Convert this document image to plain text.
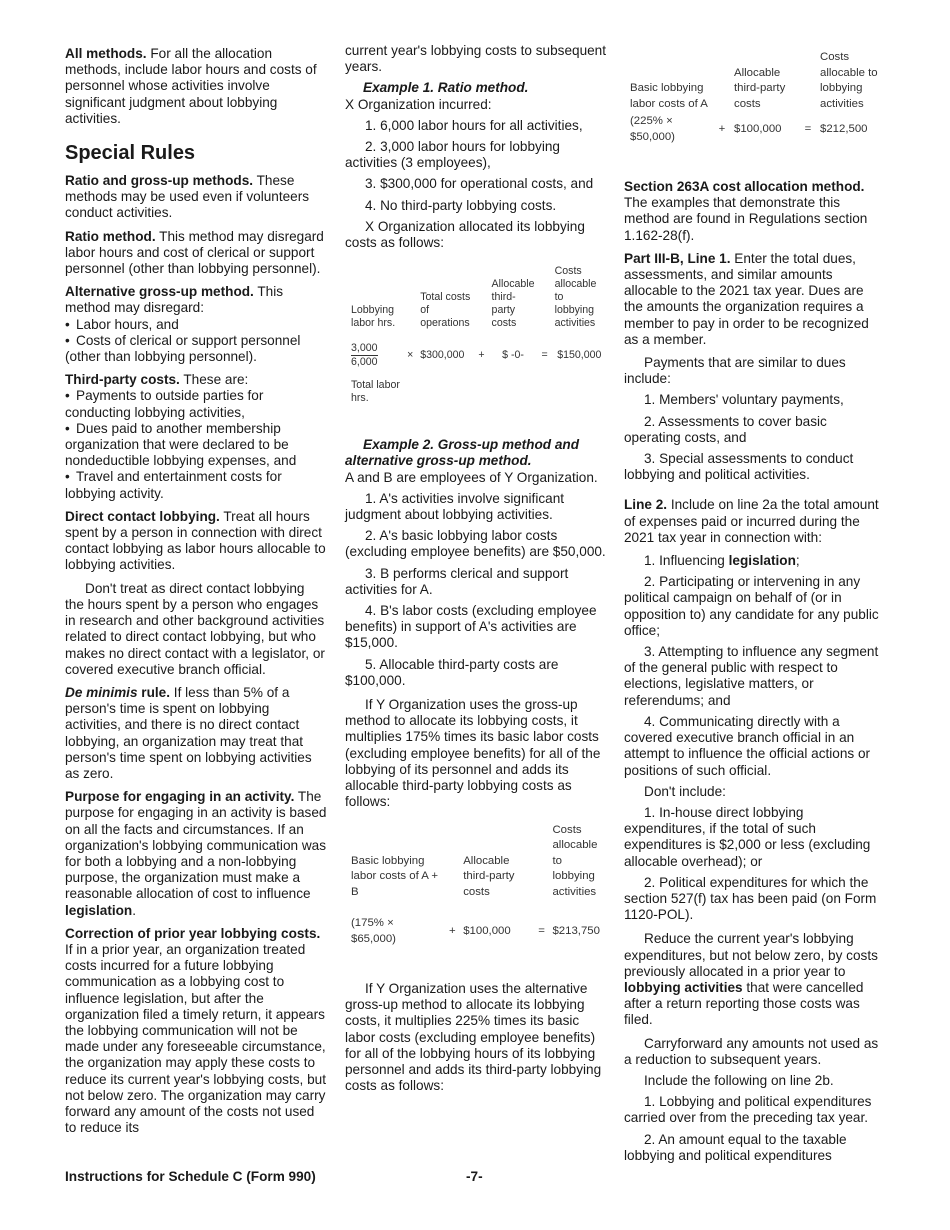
All methods. For all the allocation methods, include labor hours and costs of personnel whose activities involve significant judgment about lobbying activities.

Special Rules

Ratio and gross-up methods. These methods may be used even if volunteers conduct activities.

Ratio method. This method may disregard labor hours and cost of clerical or support personnel (other than lobbying personnel).

Alternative gross-up method. This method may disregard:

• Labor hours, and

• Costs of clerical or support personnel (other than lobbying personnel).

Third-party costs. These are:

• Payments to outside parties for conducting lobbying activities,

• Dues paid to another membership organization that were declared to be nondeductible lobbying expenses, and

• Travel and entertainment costs for lobbying activity.

Direct contact lobbying. Treat all hours spent by a person in connection with direct contact lobbying as labor hours allocable to lobbying activities.

Don't treat as direct contact lobbying the hours spent by a person who engages in research and other background activities related to direct contact lobbying, but who makes no direct contact with a legislator, or covered executive branch official.

De minimis rule. If less than 5% of a person's time is spent on lobbying activities, and there is no direct contact lobbying, an organization may treat that person's time spent on lobbying activities as zero.

Purpose for engaging in an activity. The purpose for engaging in an activity is based on all the facts and circumstances. If an organization's lobbying communication was for both a lobbying and a non-lobbying purpose, the organization must make a reasonable allocation of cost to influence legislation.

Correction of prior year lobbying costs. If in a prior year, an organization treated costs incurred for a future lobbying communication as a lobbying cost to influence legislation, but after the organization filed a timely return, it appears the lobbying communication will not be made under any foreseeable circumstance, the organization may apply these costs to reduce its current year's lobbying costs, but not below zero. The organization may carry forward any amount of the costs not used to reduce its

current year's lobbying costs to subsequent years.

Example 1. Ratio method.

X Organization incurred:

1. 6,000 labor hours for all activities,

2. 3,000 labor hours for lobbying activities (3 employees),

3. $300,000 for operational costs, and

4. No third-party lobbying costs.

X Organization allocated its lobbying costs as follows:

Lobbying labor hrs.		Total costs of operations		Allocable third-party costs		Costs allocable to lobbying activities

3,000
6,000	×	$300,000	+	$ -0-	=	$150,000

Total labor hrs.						

Example 2. Gross-up method and alternative gross-up method.

A and B are employees of Y Organization.

1. A's activities involve significant judgment about lobbying activities.

2. A's basic lobbying labor costs (excluding employee benefits) are $50,000.

3. B performs clerical and support activities for A.

4. B's labor costs (excluding employee benefits) in support of A's activities are $15,000.

5. Allocable third-party costs are $100,000.

If Y Organization uses the gross-up method to allocate its lobbying costs, it multiplies 175% times its basic labor costs (excluding employee benefits) for all of the lobbying of its personnel and adds its allocable third-party lobbying costs as follows:

Basic lobbying labor costs of A + B		Allocable third-party costs		Costs allocable to lobbying activities

(175% × $65,000)	+	$100,000	=	$213,750

If Y Organization uses the alternative gross-up method to allocate its lobbying costs, it multiplies 225% times its basic labor costs (excluding employee benefits) for all of the lobbying hours of its lobbying personnel and adds its third-party lobbying costs as follows:

Basic lobbying labor costs of A		Allocable third-party costs		Costs allocable to lobbying activities

(225% × $50,000)	+	$100,000	=	$212,500

Section 263A cost allocation method. The examples that demonstrate this method are found in Regulations section 1.162-28(f).

Part III-B, Line 1. Enter the total dues, assessments, and similar amounts allocable to the 2021 tax year. Dues are the amounts the organization requires a member to pay in order to be recognized as a member.

Payments that are similar to dues include:

1. Members' voluntary payments,

2. Assessments to cover basic operating costs, and

3. Special assessments to conduct lobbying and political activities.

Line 2. Include on line 2a the total amount of expenses paid or incurred during the 2021 tax year in connection with:

1. Influencing legislation;

2. Participating or intervening in any political campaign on behalf of (or in opposition to) any candidate for any public office;

3. Attempting to influence any segment of the general public with respect to elections, legislative matters, or referendums; and

4. Communicating directly with a covered executive branch official in an attempt to influence the official actions or positions of such official.

Don't include:

1. In-house direct lobbying expenditures, if the total of such expenditures is $2,000 or less (excluding allocable overhead); or

2. Political expenditures for which the section 527(f) tax has been paid (on Form 1120-POL).

Reduce the current year's lobbying expenditures, but not below zero, by costs previously allocated in a prior year to lobbying activities that were cancelled after a return reporting those costs was filed.

Carryforward any amounts not used as a reduction to subsequent years.

Include the following on line 2b.

1. Lobbying and political expenditures carried over from the preceding tax year.

2. An amount equal to the taxable lobbying and political expenditures

Instructions for Schedule C (Form 990)	-7-
